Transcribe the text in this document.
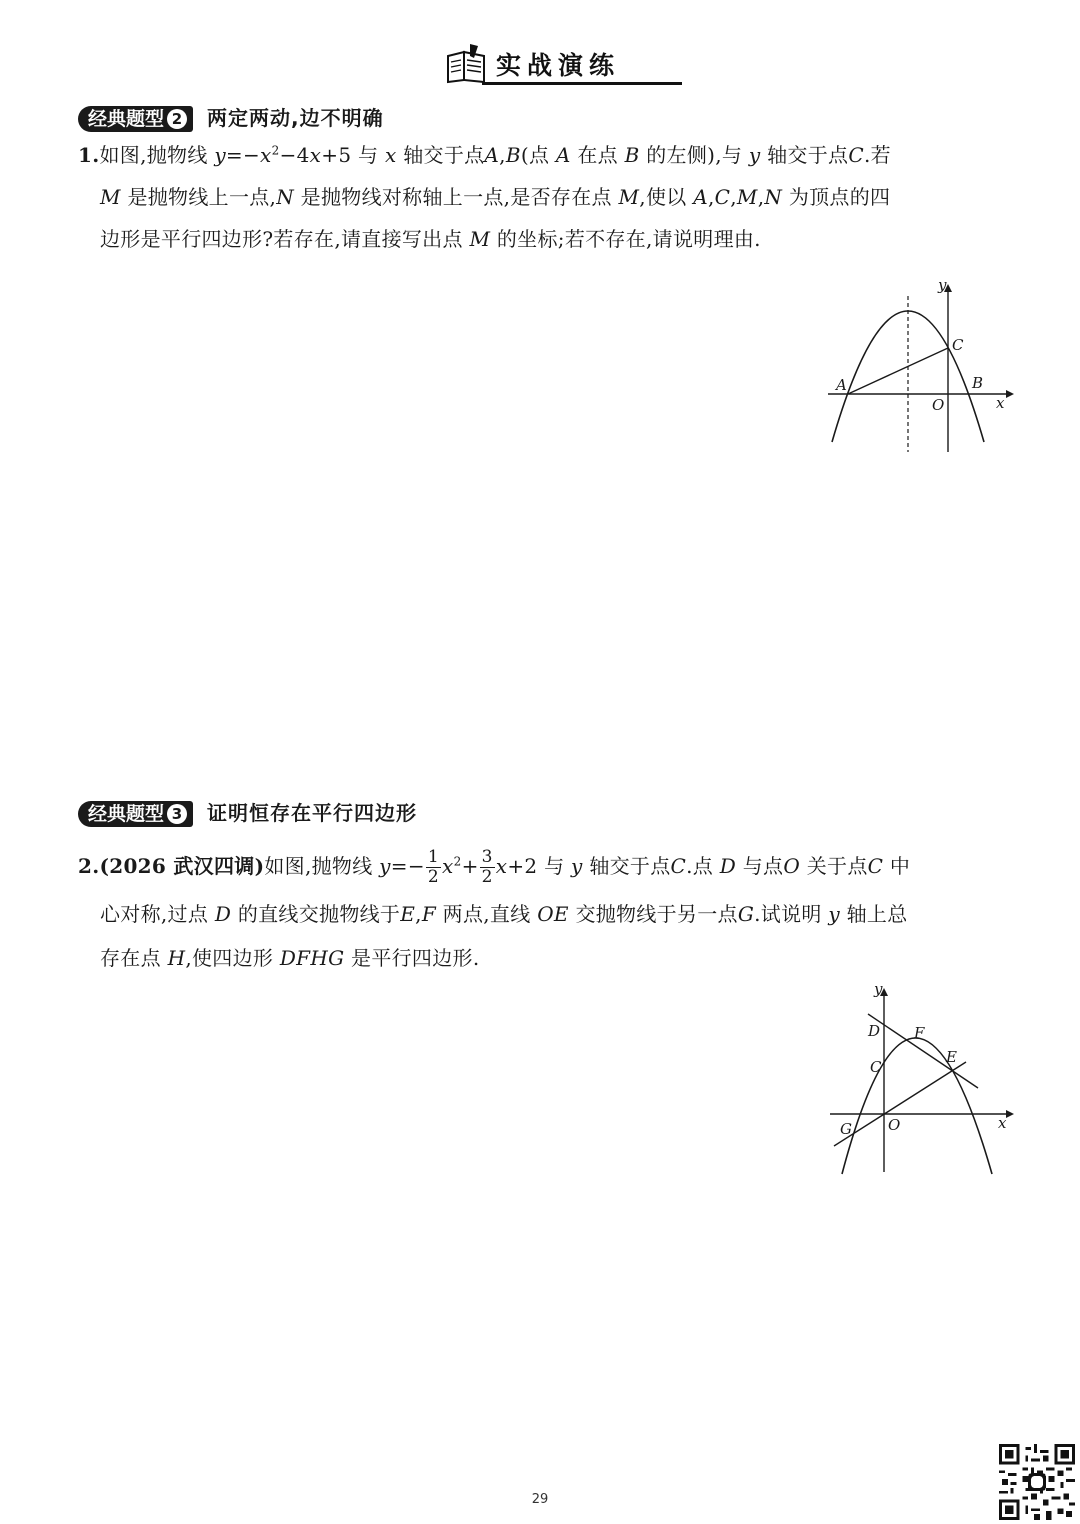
实战演练
经典题型 2 两定两动,边不明确
1.如图,抛物线 $y=-x^2-4x+5$ 与 x 轴交于点A,B(点 A 在点 B 的左侧),与 y 轴交于点C.若
M 是抛物线上一点,N 是抛物线对称轴上一点,是否存在点 M,使以 A,C,M,N 为顶点的四
边形是平行四边形?若存在,请直接写出点 M 的坐标;若不存在,请说明理由.
y
x
A	B
C
O
经典题型 3 证明恒存在平行四边形
2.(2026 武汉四调)如图,抛物线 $y=- \frac{1}{2} x^2+ \frac{3}{2} x+2$ 与 y 轴交于点C.点 D 与点O 关于点C 中
心对称,过点 D 的直线交抛物线于E,F 两点,直线 OE 交抛物线于另一点G.试说明 y 轴上总
存在点 H,使四边形 DFHG 是平行四边形.
y
x
D F
C
E
G O
29
